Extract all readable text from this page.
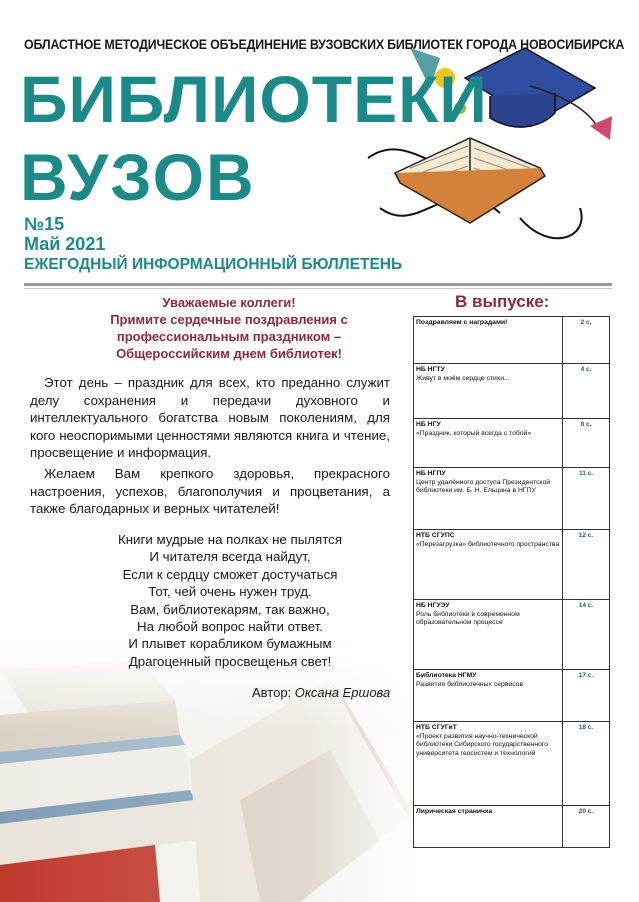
ОБЛАСТНОЕ МЕТОДИЧЕСКОЕ ОБЪЕДИНЕНИЕ ВУЗОВСКИХ БИБЛИОТЕК ГОРОДА НОВОСИБИРСКА
БИБЛИОТЕКИ
ВУЗОВ
№15
Май 2021
ЕЖЕГОДНЫЙ ИНФОРМАЦИОННЫЙ БЮЛЛЕТЕНЬ
Уважаемые коллеги!
Примите сердечные поздравления с
профессиональным праздником –
Общероссийским днем библиотек!
Этот день – праздник для всех, кто преданно служит делу сохранения и передачи духовного и интеллектуального богатства новым поколениям, для кого неоспоримыми ценностями являются книга и чтение, просвещение и информация.
Желаем Вам крепкого здоровья, прекрасного настроения, успехов, благополучия и процветания, а также благодарных и верных читателей!
Книги мудрые на полках не пылятся
И читателя всегда найдут,
Если к сердцу сможет достучаться
Тот, чей очень нужен труд.
Вам, библиотекарям, так важно,
На любой вопрос найти ответ.
И плывет корабликом бумажным
Драгоценный просвещенья свет!
Автор: Оксана Ершова
В выпуске:
Поздравляем с наградами!	2 с.

НБ НГТУ
Живут в моём сердце стихи...	4 с.

НБ НГУ
«Праздник, который всегда с тобой»	8 с.

НБ НГПУ
Центр удалённого доступа Президентской библиотеки им. Б. Н. Ельцина в НГПУ	11 с.

НТБ СГУПС
«Перезагрузка» библиотечного пространства	12 с.

НБ НГУЭУ
Роль библиотеки в современном образовательном процессе	14 с.

Библиотека НГМУ
Развитие библиотечных сервисов	17 с.

НТБ СГУГиТ
«Проект развития научно-технической библиотеки Сибирского государственного университета геосистем и технологий	18 с.

Лирическая страничка	20 с.
